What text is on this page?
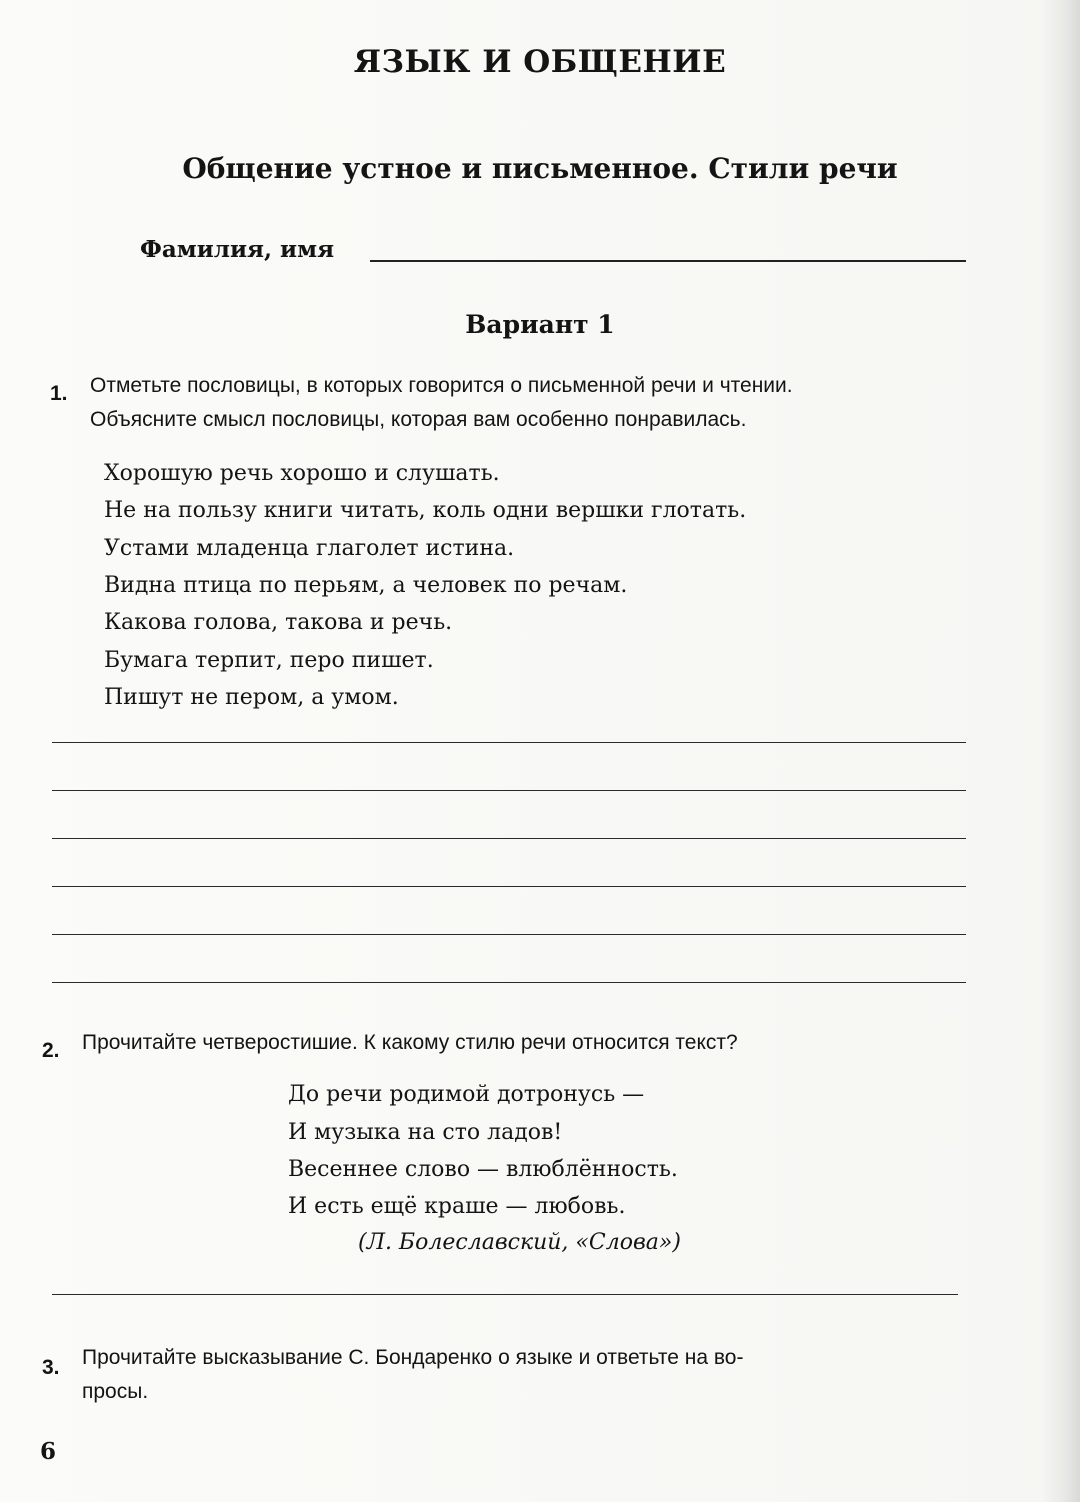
ЯЗЫК И ОБЩЕНИЕ
Общение устное и письменное. Стили речи
Фамилия, имя
Вариант 1
1. Отметьте пословицы, в которых говорится о письменной речи и чтении.
Объясните смысл пословицы, которая вам особенно понравилась.
Хорошую речь хорошо и слушать.
Не на пользу книги читать, коль одни вершки глотать.
Устами младенца глаголет истина.
Видна птица по перьям, а человек по речам.
Какова голова, такова и речь.
Бумага терпит, перо пишет.
Пишут не пером, а умом.
2. Прочитайте четверостишие. К какому стилю речи относится текст?
До речи родимой дотронусь —
И музыка на сто ладов!
Весеннее слово — влюблённость.
И есть ещё краше — любовь.
(Л. Болеславский, «Слова»)
3. Прочитайте высказывание С. Бондаренко о языке и ответьте на во-
просы.
6
